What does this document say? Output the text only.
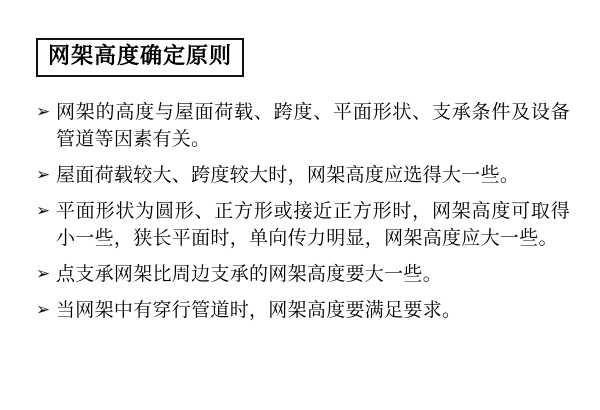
网架高度确定原则
➢ 网架的高度与屋面荷载、跨度、平面形状、支承条件及设备管道等因素有关。
➢ 屋面荷载较大、跨度较大时，网架高度应选得大一些。
➢ 平面形状为圆形、正方形或接近正方形时，网架高度可取得小一些，狭长平面时，单向传力明显，网架高度应大一些。
➢ 点支承网架比周边支承的网架高度要大一些。
➢ 当网架中有穿行管道时，网架高度要满足要求。
